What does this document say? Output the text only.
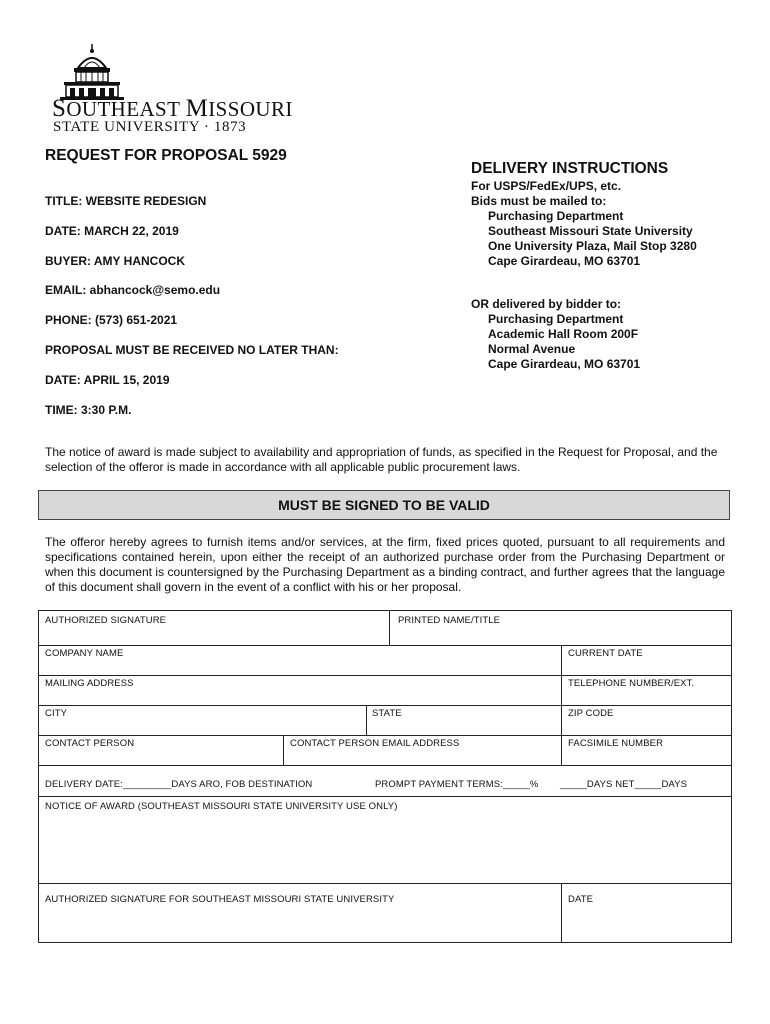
SOUTHEAST MISSOURI
STATE UNIVERSITY · 1873
REQUEST FOR PROPOSAL 5929
TITLE: WEBSITE REDESIGN
DATE: MARCH 22, 2019
BUYER: AMY HANCOCK
EMAIL: abhancock@semo.edu
PHONE: (573) 651-2021
PROPOSAL MUST BE RECEIVED NO LATER THAN:
DATE: APRIL 15, 2019
TIME: 3:30 P.M.
DELIVERY INSTRUCTIONS
For USPS/FedEx/UPS, etc.
Bids must be mailed to:
Purchasing Department
Southeast Missouri State University
One University Plaza, Mail Stop 3280
Cape Girardeau, MO 63701
OR delivered by bidder to:
Purchasing Department
Academic Hall Room 200F
Normal Avenue
Cape Girardeau, MO 63701
The notice of award is made subject to availability and appropriation of funds, as specified in the Request for Proposal, and the selection of the offeror is made in accordance with all applicable public procurement laws.
MUST BE SIGNED TO BE VALID
The offeror hereby agrees to furnish items and/or services, at the firm, fixed prices quoted, pursuant to all requirements and specifications contained herein, upon either the receipt of an authorized purchase order from the Purchasing Department or when this document is countersigned by the Purchasing Department as a binding contract, and further agrees that the language of this document shall govern in the event of a conflict with his or her proposal.
AUTHORIZED SIGNATURE	PRINTED NAME/TITLE
COMPANY NAME	CURRENT DATE
MAILING ADDRESS	TELEPHONE NUMBER/EXT.
CITY	STATE	ZIP CODE
CONTACT PERSON	CONTACT PERSON EMAIL ADDRESS	FACSIMILE NUMBER
DELIVERY DATE:_________DAYS ARO, FOB DESTINATION	PROMPT PAYMENT TERMS:_____% _____DAYS NET_____DAYS
NOTICE OF AWARD (SOUTHEAST MISSOURI STATE UNIVERSITY USE ONLY)
AUTHORIZED SIGNATURE FOR SOUTHEAST MISSOURI STATE UNIVERSITY	DATE
